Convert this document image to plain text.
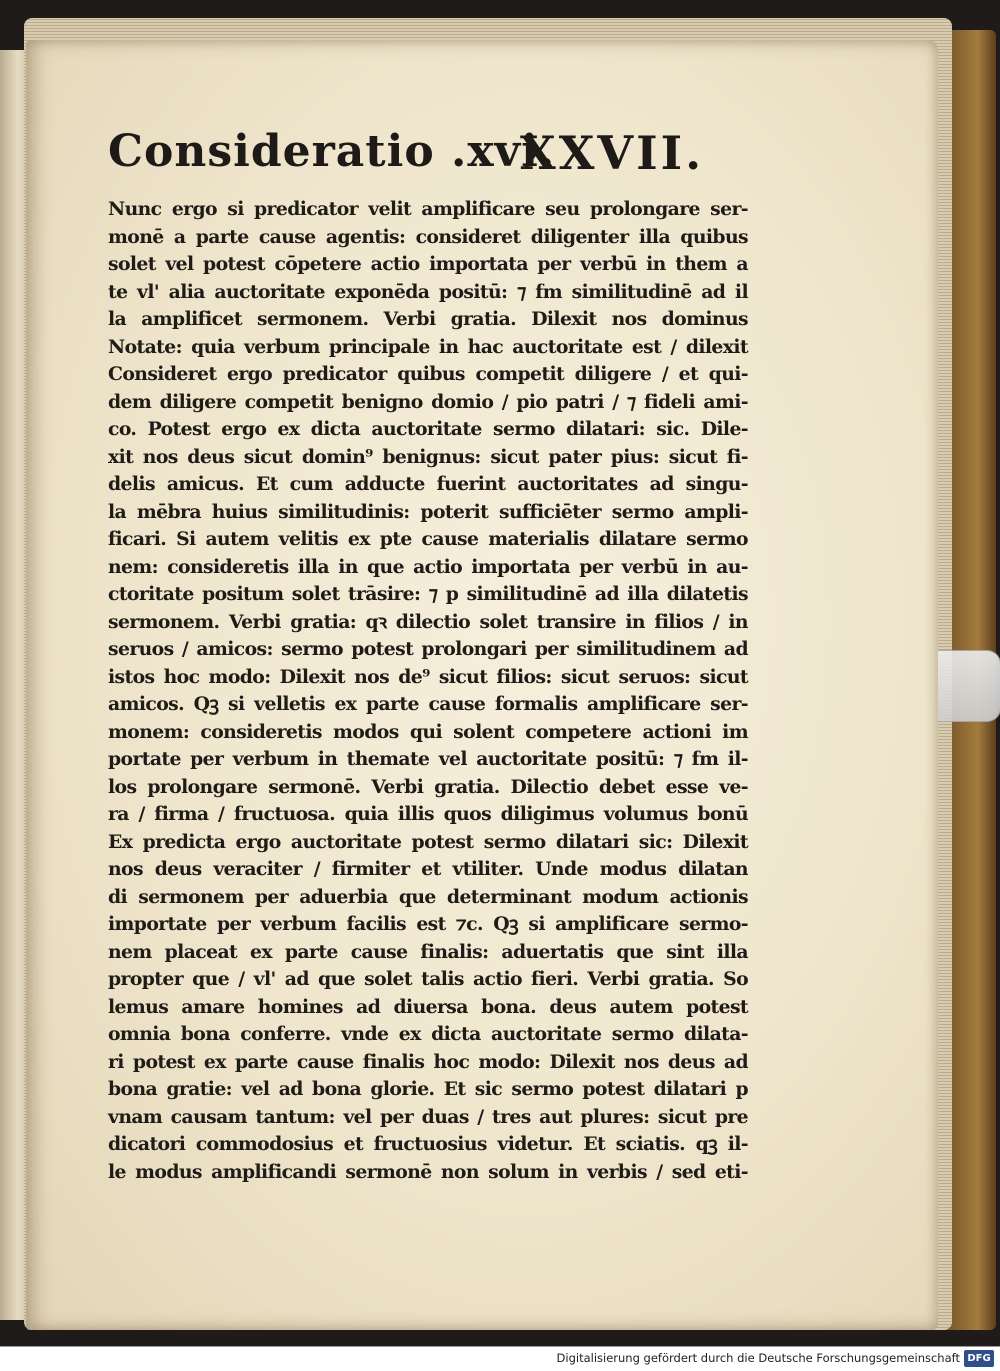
Consideratio .xvi.
XXVII.
Nunc ergo si predicator velit amplificare seu prolongare ser-
monē a parte cause agentis: consideret diligenter illa quibus
solet vel potest cōpetere actio importata per verbū in them a
te vl' alia auctoritate exponēda positū: ⁊ fm similitudinē ad il
la amplificet sermonem. Verbi gratia. Dilexit nos dominus
Notate: quia verbum principale in hac auctoritate est / dilexit
Consideret ergo predicator quibus competit diligere / et qui-
dem diligere competit benigno domio / pio patri / ⁊ fideli ami-
co. Potest ergo ex dicta auctoritate sermo dilatari: sic. Dile-
xit nos deus sicut domin⁹ benignus: sicut pater pius: sicut fi-
delis amicus. Et cum adducte fuerint auctoritates ad singu-
la mēbra huius similitudinis: poterit sufficiēter sermo ampli-
ficari. Si autem velitis ex pte cause materialis dilatare sermo
nem: consideretis illa in que actio importata per verbū in au-
ctoritate positum solet trāsire: ⁊ p similitudinē ad illa dilatetis
sermonem. Verbi gratia: qꝛ dilectio solet transire in filios / in
seruos / amicos: sermo potest prolongari per similitudinem ad
istos hoc modo: Dilexit nos de⁹ sicut filios: sicut seruos: sicut
amicos. Qꝫ si velletis ex parte cause formalis amplificare ser-
monem: consideretis modos qui solent competere actioni im
portate per verbum in themate vel auctoritate positū: ⁊ fm il-
los prolongare sermonē. Verbi gratia. Dilectio debet esse ve-
ra / firma / fructuosa. quia illis quos diligimus volumus bonū
Ex predicta ergo auctoritate potest sermo dilatari sic: Dilexit
nos deus veraciter / firmiter et vtiliter. Unde modus dilatan
di sermonem per aduerbia que determinant modum actionis
importate per verbum facilis est ⁊c. Qꝫ si amplificare sermo-
nem placeat ex parte cause finalis: aduertatis que sint illa
propter que / vl' ad que solet talis actio fieri. Verbi gratia. So
lemus amare homines ad diuersa bona. deus autem potest
omnia bona conferre. vnde ex dicta auctoritate sermo dilata-
ri potest ex parte cause finalis hoc modo: Dilexit nos deus ad
bona gratie: vel ad bona glorie. Et sic sermo potest dilatari p
vnam causam tantum: vel per duas / tres aut plures: sicut pre
dicatori commodosius et fructuosius videtur. Et sciatis. qꝫ il-
le modus amplificandi sermonē non solum in verbis / sed eti-
Digitalisierung gefördert durch die Deutsche Forschungsgemeinschaft DFG
